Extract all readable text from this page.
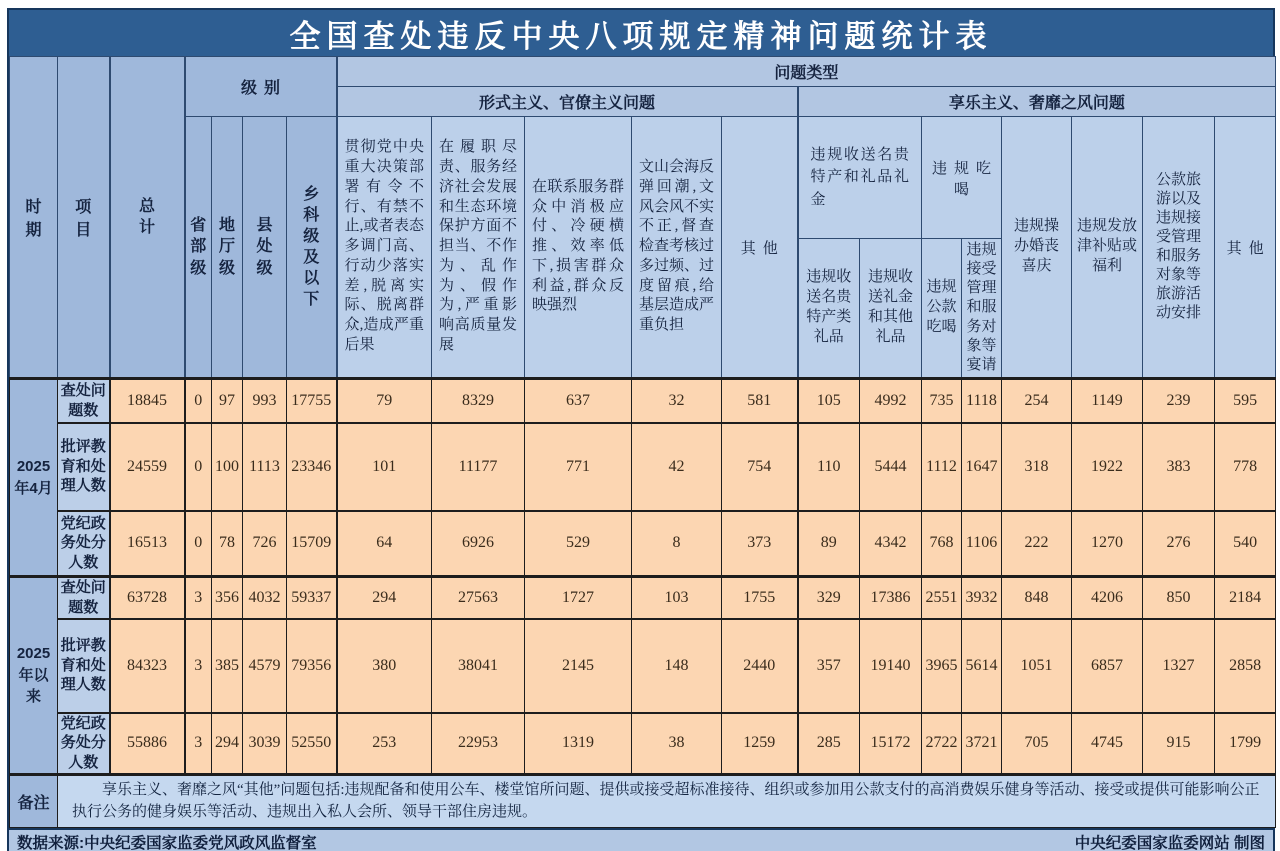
全国查处违反中央八项规定精神问题统计表
时期	项目	总计	级别				问题类型												
							形式主义、官僚主义问题					享乐主义、奢靡之风问题							
			省部级	地厅级	县处级	乡科级及以下	贯彻党中央重大决策部署有令不行、有禁不止,或者表态多调门高、行动少落实差,脱离实际、脱离群众,造成严重后果	在履职尽责、服务经济社会发展和生态环境保护方面不担当、不作为、乱作为、假作为,严重影响高质量发展	在联系服务群众中消极应付、冷硬横推、效率低下,损害群众利益,群众反映强烈	文山会海反弹回潮,文风会风不实不正,督查检查考核过多过频、过度留痕,给基层造成严重负担	其他	违规收送名贵特产和礼品礼金		违规吃喝		违规操办婚丧喜庆	违规发放津补贴或福利	公款旅游以及违规接受管理和服务对象等旅游活动安排	其他
												违规收送名贵特产类礼品	违规收送礼金和其他礼品	违规公款吃喝	违规接受管理和服务对象等宴请				
2025年4月	查处问题数	18845	0	97	993	17755	79	8329	637	32	581	105	4992	735	1118	254	1149	239	595
	批评教育和处理人数	24559	0	100	1113	23346	101	11177	771	42	754	110	5444	1112	1647	318	1922	383	778
	党纪政务处分人数	16513	0	78	726	15709	64	6926	529	8	373	89	4342	768	1106	222	1270	276	540
2025年以来	查处问题数	63728	3	356	4032	59337	294	27563	1727	103	1755	329	17386	2551	3932	848	4206	850	2184
	批评教育和处理人数	84323	3	385	4579	79356	380	38041	2145	148	2440	357	19140	3965	5614	1051	6857	1327	2858
	党纪政务处分人数	55886	3	294	3039	52550	253	22953	1319	38	1259	285	15172	2722	3721	705	4745	915	1799
备注	享乐主义、奢靡之风“其他”问题包括:违规配备和使用公车、楼堂馆所问题、提供或接受超标准接待、组织或参加用公款支付的高消费娱乐健身等活动、接受或提供可能影响公正执行公务的健身娱乐等活动、违规出入私人会所、领导干部住房违规。																		
数据来源:中央纪委国家监委党风政风监督室	中央纪委国家监委网站 制图
